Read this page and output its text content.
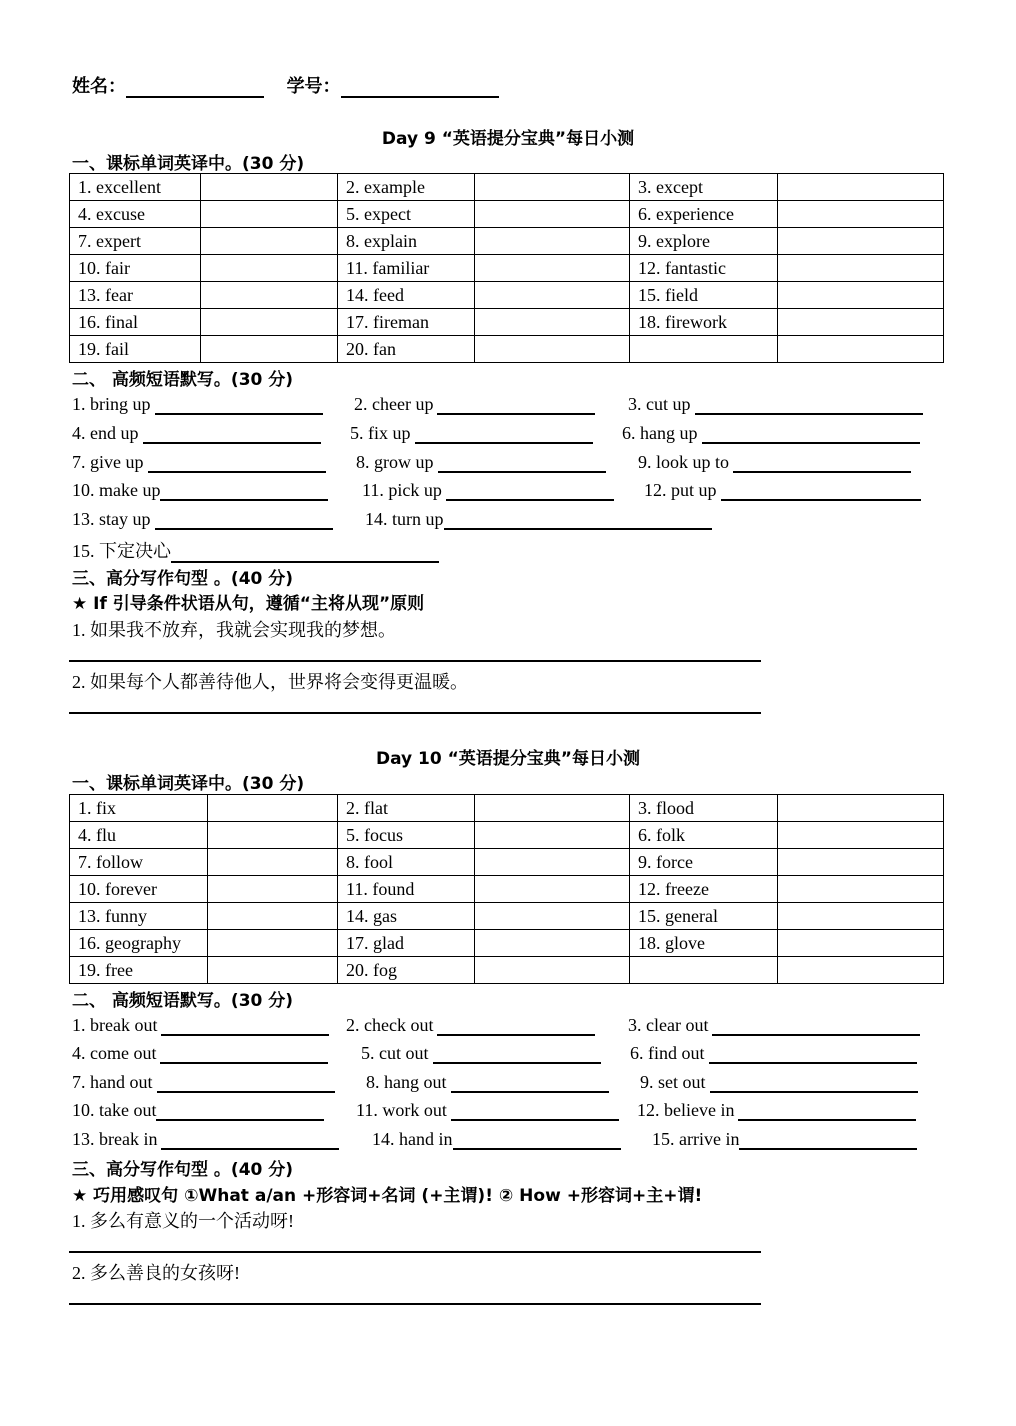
姓名：	学号：
Day 9 “英语提分宝典”每日小测
一、课标单词英译中。(30 分)
1. excellent		2. example		3. except	
4. excuse		5. expect		6. experience	
7. expert		8. explain		9. explore	
10. fair		11. familiar		12. fantastic	
13. fear		14. feed		15. field	
16. final		17. fireman		18. firework	
19. fail		20. fan			
二、 高频短语默写。(30 分)
1. bring up	2. cheer up	3. cut up
4. end up	5. fix up	6. hang up
7. give up	8. grow up	9. look up to
10. make up	11. pick up	12. put up
13. stay up	14. turn up
15. 下定决心
三、高分写作句型 。(40 分)
★ If 引导条件状语从句，遵循“主将从现”原则
1. 如果我不放弃，我就会实现我的梦想。
2. 如果每个人都善待他人，世界将会变得更温暖。
Day 10 “英语提分宝典”每日小测
一、课标单词英译中。(30 分)
1. fix		2. flat		3. flood	
4. flu		5. focus		6. folk	
7. follow		8. fool		9. force	
10. forever		11. found		12. freeze	
13. funny		14. gas		15. general	
16. geography		17. glad		18. glove	
19. free		20. fog			
二、 高频短语默写。(30 分)
1. break out	2. check out	3. clear out
4. come out	5. cut out	6. find out
7. hand out	8. hang out	9. set out
10. take out	11. work out	12. believe in
13. break in	14. hand in	15. arrive in
三、高分写作句型 。(40 分)
★ 巧用感叹句 ①What a/an +形容词+名词 (+主谓)! ② How +形容词+主+谓!
1. 多么有意义的一个活动呀!
2. 多么善良的女孩呀!
